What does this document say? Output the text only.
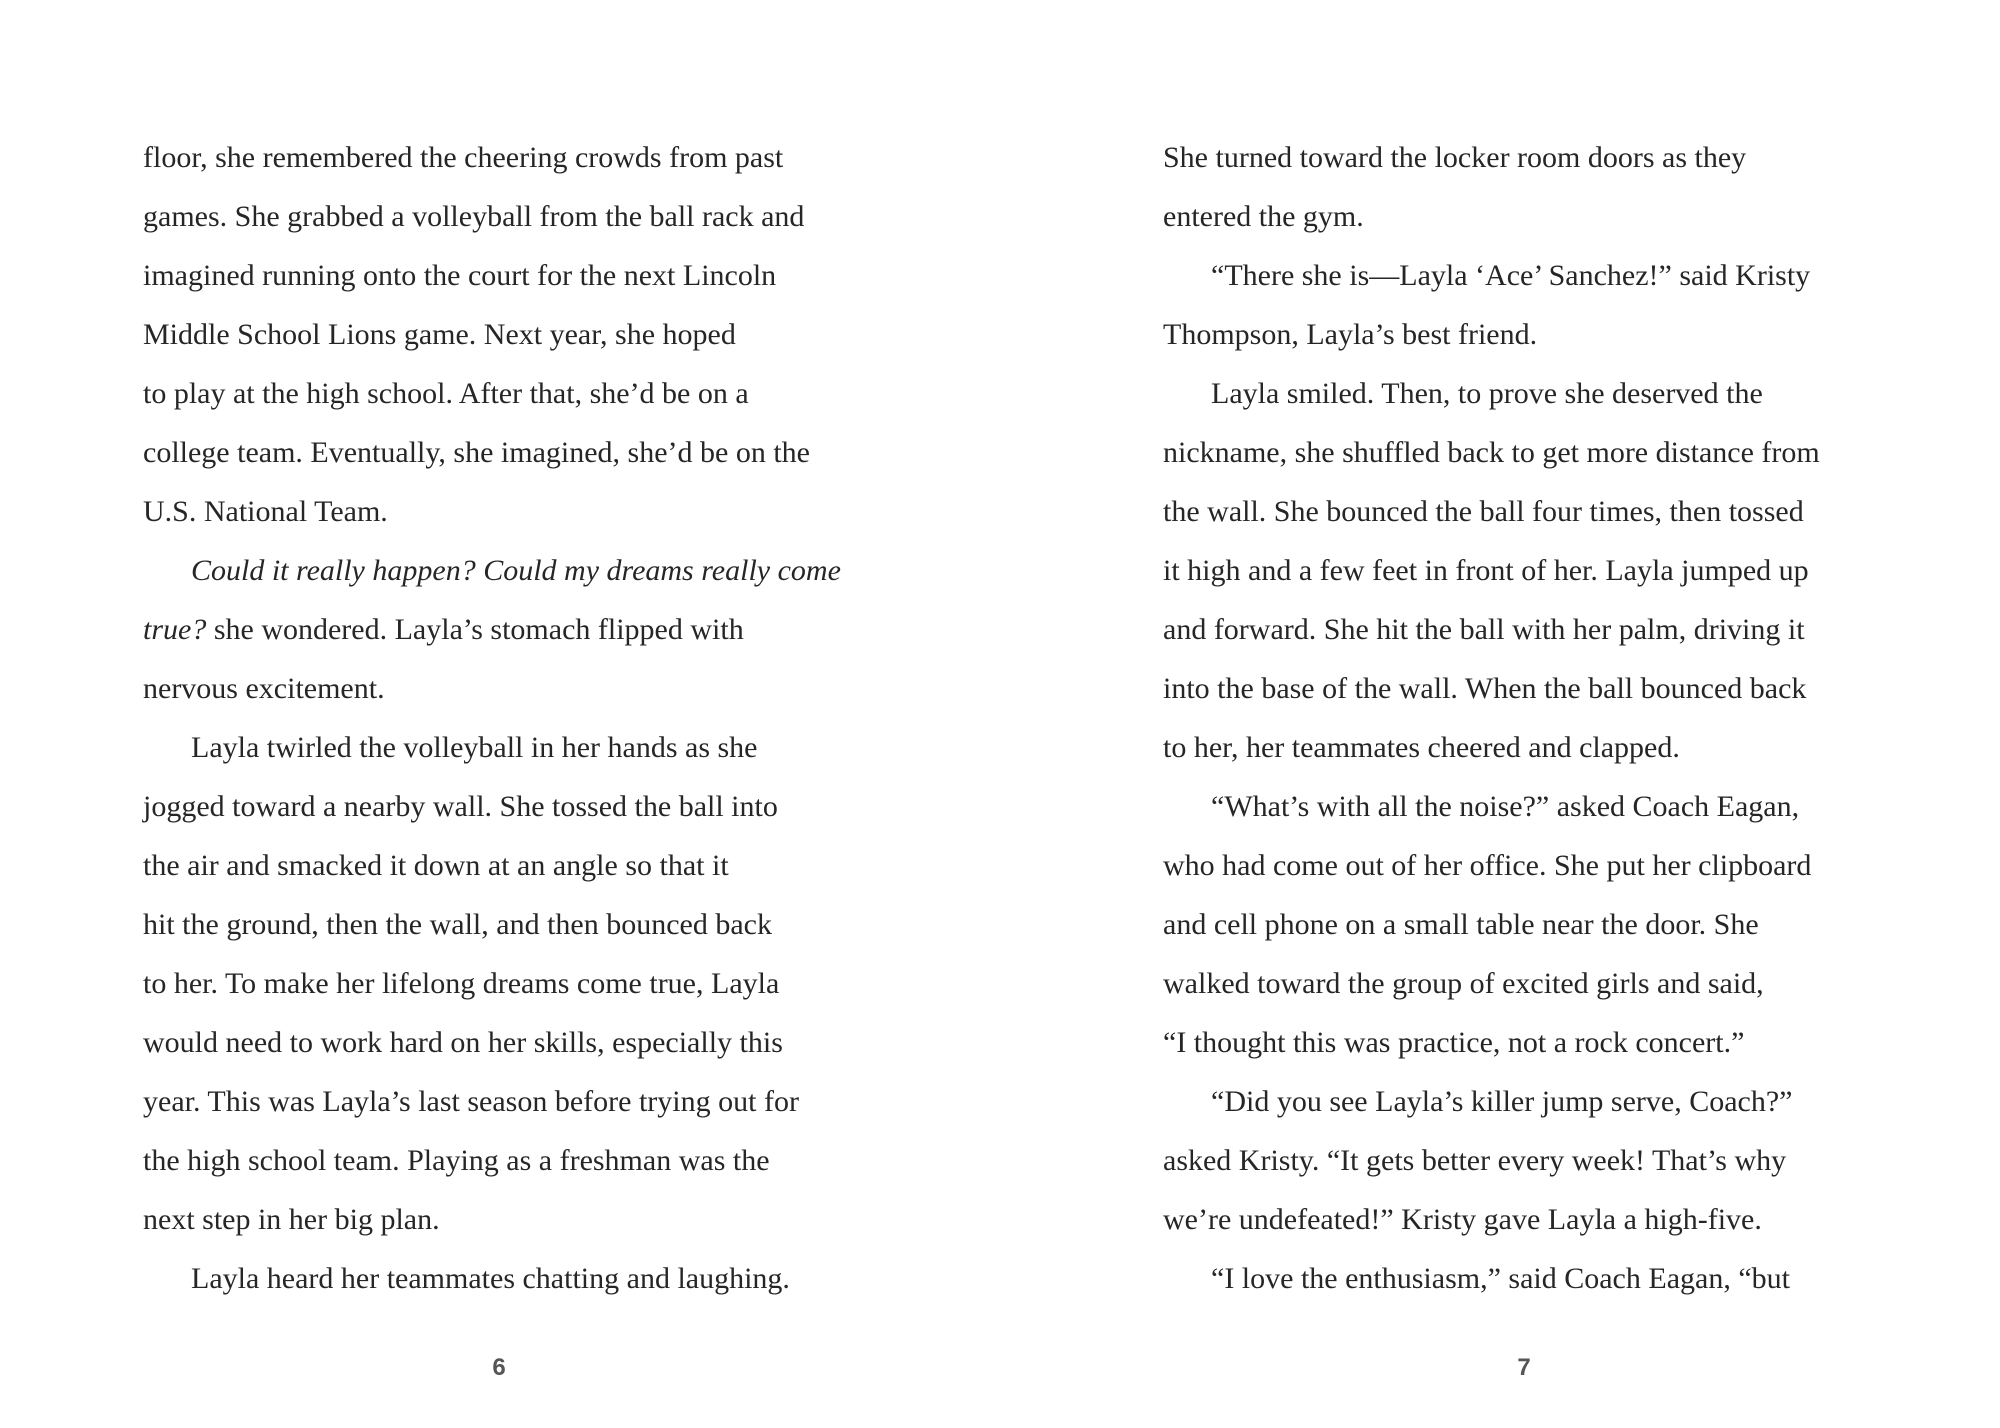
floor, she remembered the cheering crowds from past
games. She grabbed a volleyball from the ball rack and
imagined running onto the court for the next Lincoln
Middle School Lions game. Next year, she hoped
to play at the high school. After that, she’d be on a
college team. Eventually, she imagined, she’d be on the
U.S. National Team.
Could it really happen? Could my dreams really come
true? she wondered. Layla’s stomach flipped with
nervous excitement.
Layla twirled the volleyball in her hands as she
jogged toward a nearby wall. She tossed the ball into
the air and smacked it down at an angle so that it
hit the ground, then the wall, and then bounced back
to her. To make her lifelong dreams come true, Layla
would need to work hard on her skills, especially this
year. This was Layla’s last season before trying out for
the high school team. Playing as a freshman was the
next step in her big plan.
Layla heard her teammates chatting and laughing.
6
She turned toward the locker room doors as they
entered the gym.
“There she is—Layla ‘Ace’ Sanchez!” said Kristy
Thompson, Layla’s best friend.
Layla smiled. Then, to prove she deserved the
nickname, she shuffled back to get more distance from
the wall. She bounced the ball four times, then tossed
it high and a few feet in front of her. Layla jumped up
and forward. She hit the ball with her palm, driving it
into the base of the wall. When the ball bounced back
to her, her teammates cheered and clapped.
“What’s with all the noise?” asked Coach Eagan,
who had come out of her office. She put her clipboard
and cell phone on a small table near the door. She
walked toward the group of excited girls and said,
“I thought this was practice, not a rock concert.”
“Did you see Layla’s killer jump serve, Coach?”
asked Kristy. “It gets better every week! That’s why
we’re undefeated!” Kristy gave Layla a high-five.
“I love the enthusiasm,” said Coach Eagan, “but
7
